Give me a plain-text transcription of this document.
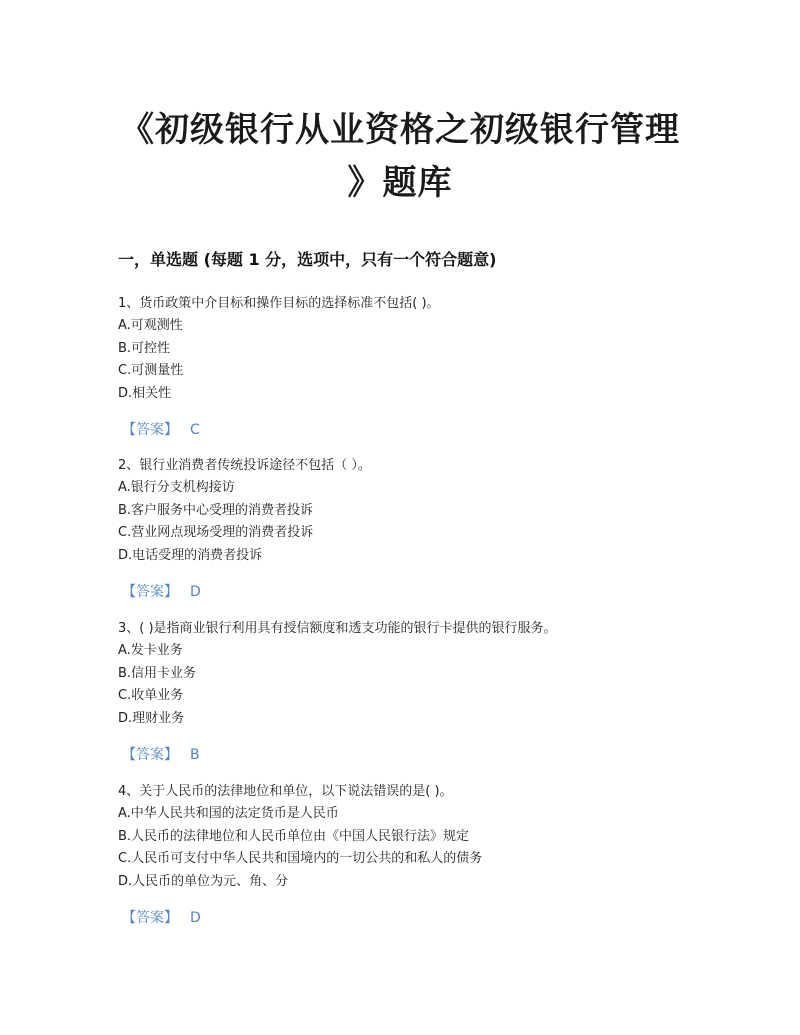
《初级银行从业资格之初级银行管理
》题库
一，单选题 (每题 1 分，选项中，只有一个符合题意)
1、货币政策中介目标和操作目标的选择标准不包括( )。
A.可观测性
B.可控性
C.可测量性
D.相关性
【答案】 C
2、银行业消费者传统投诉途径不包括（ ）。
A.银行分支机构接访
B.客户服务中心受理的消费者投诉
C.营业网点现场受理的消费者投诉
D.电话受理的消费者投诉
【答案】 D
3、( )是指商业银行利用具有授信额度和透支功能的银行卡提供的银行服务。
A.发卡业务
B.信用卡业务
C.收单业务
D.理财业务
【答案】 B
4、关于人民币的法律地位和单位，以下说法错误的是( )。
A.中华人民共和国的法定货币是人民币
B.人民币的法律地位和人民币单位由《中国人民银行法》规定
C.人民币可支付中华人民共和国境内的一切公共的和私人的债务
D.人民币的单位为元、角、分
【答案】 D
